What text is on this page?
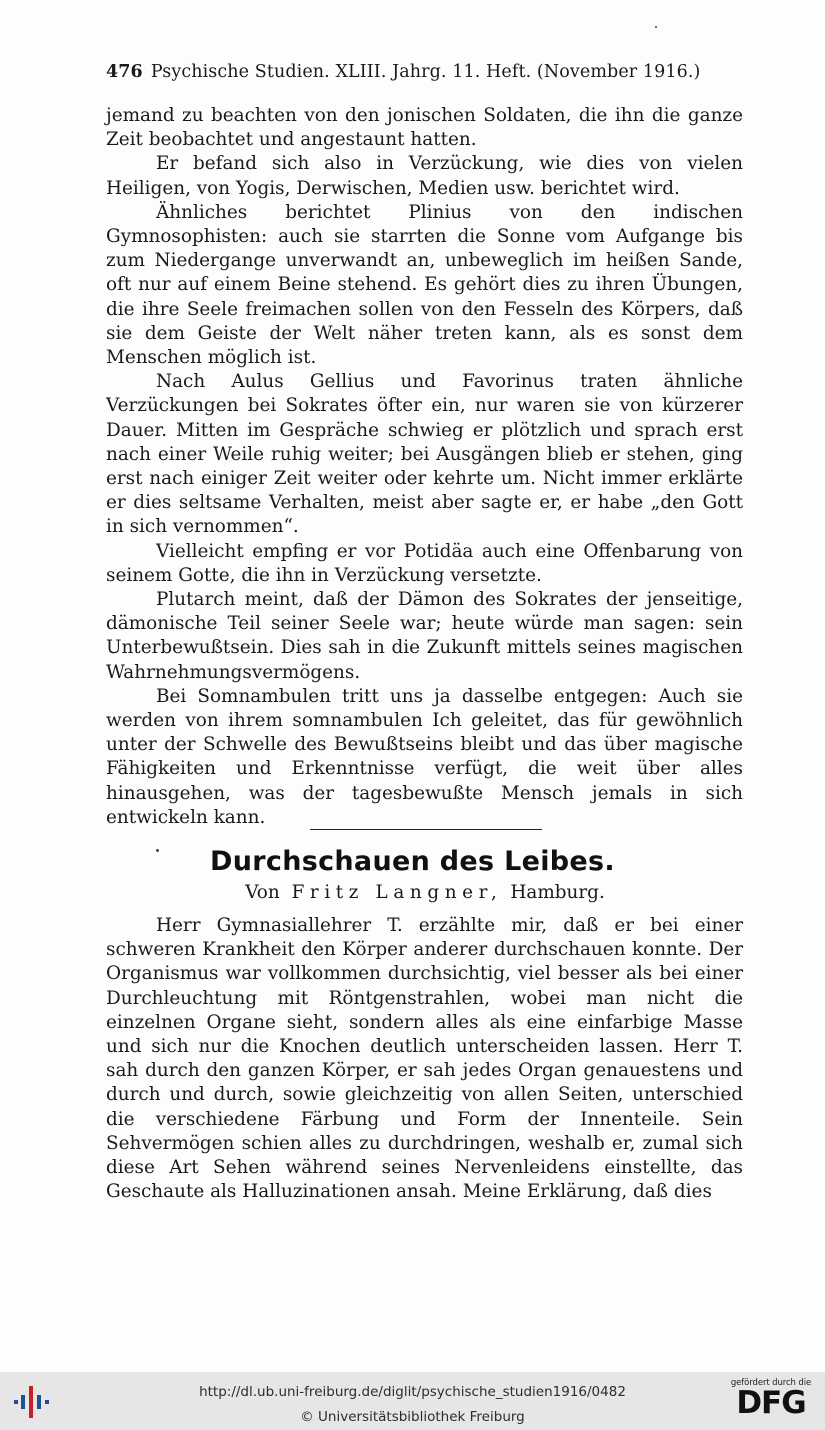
476 Psychische Studien. XLIII. Jahrg. 11. Heft. (November 1916.)

jemand zu beachten von den jonischen Soldaten, die ihn die ganze Zeit beobachtet und angestaunt hatten.

Er befand sich also in Verzückung, wie dies von vielen Heiligen, von Yogis, Derwischen, Medien usw. berichtet wird.

Ähnliches berichtet Plinius von den indischen Gymnosophisten: auch sie starrten die Sonne vom Aufgange bis zum Niedergange unverwandt an, unbeweglich im heißen Sande, oft nur auf einem Beine stehend. Es gehört dies zu ihren Übungen, die ihre Seele freimachen sollen von den Fesseln des Körpers, daß sie dem Geiste der Welt näher treten kann, als es sonst dem Menschen möglich ist.

Nach Aulus Gellius und Favorinus traten ähnliche Verzückungen bei Sokrates öfter ein, nur waren sie von kürzerer Dauer. Mitten im Gespräche schwieg er plötzlich und sprach erst nach einer Weile ruhig weiter; bei Ausgängen blieb er stehen, ging erst nach einiger Zeit weiter oder kehrte um. Nicht immer erklärte er dies seltsame Verhalten, meist aber sagte er, er habe „den Gott in sich vernommen“.

Vielleicht empfing er vor Potidäa auch eine Offenbarung von seinem Gotte, die ihn in Verzückung versetzte.

Plutarch meint, daß der Dämon des Sokrates der jenseitige, dämonische Teil seiner Seele war; heute würde man sagen: sein Unterbewußtsein. Dies sah in die Zukunft mittels seines magischen Wahrnehmungsvermögens.

Bei Somnambulen tritt uns ja dasselbe entgegen: Auch sie werden von ihrem somnambulen Ich geleitet, das für gewöhnlich unter der Schwelle des Bewußtseins bleibt und das über magische Fähigkeiten und Erkenntnisse verfügt, die weit über alles hinausgehen, was der tagesbewußte Mensch jemals in sich entwickeln kann.

Durchschauen des Leibes.
Von Fritz Langner, Hamburg.

Herr Gymnasiallehrer T. erzählte mir, daß er bei einer schweren Krankheit den Körper anderer durchschauen konnte. Der Organismus war vollkommen durchsichtig, viel besser als bei einer Durchleuchtung mit Röntgenstrahlen, wobei man nicht die einzelnen Organe sieht, sondern alles als eine einfarbige Masse und sich nur die Knochen deutlich unterscheiden lassen. Herr T. sah durch den ganzen Körper, er sah jedes Organ genauestens und durch und durch, sowie gleichzeitig von allen Seiten, unterschied die verschiedene Färbung und Form der Innenteile. Sein Sehvermögen schien alles zu durchdringen, weshalb er, zumal sich diese Art Sehen während seines Nervenleidens einstellte, das Geschaute als Halluzinationen ansah. Meine Erklärung, daß dies

http://dl.ub.uni-freiburg.de/diglit/psychische_studien1916/0482
© Universitätsbibliothek Freiburg
gefördert durch die
DFG
